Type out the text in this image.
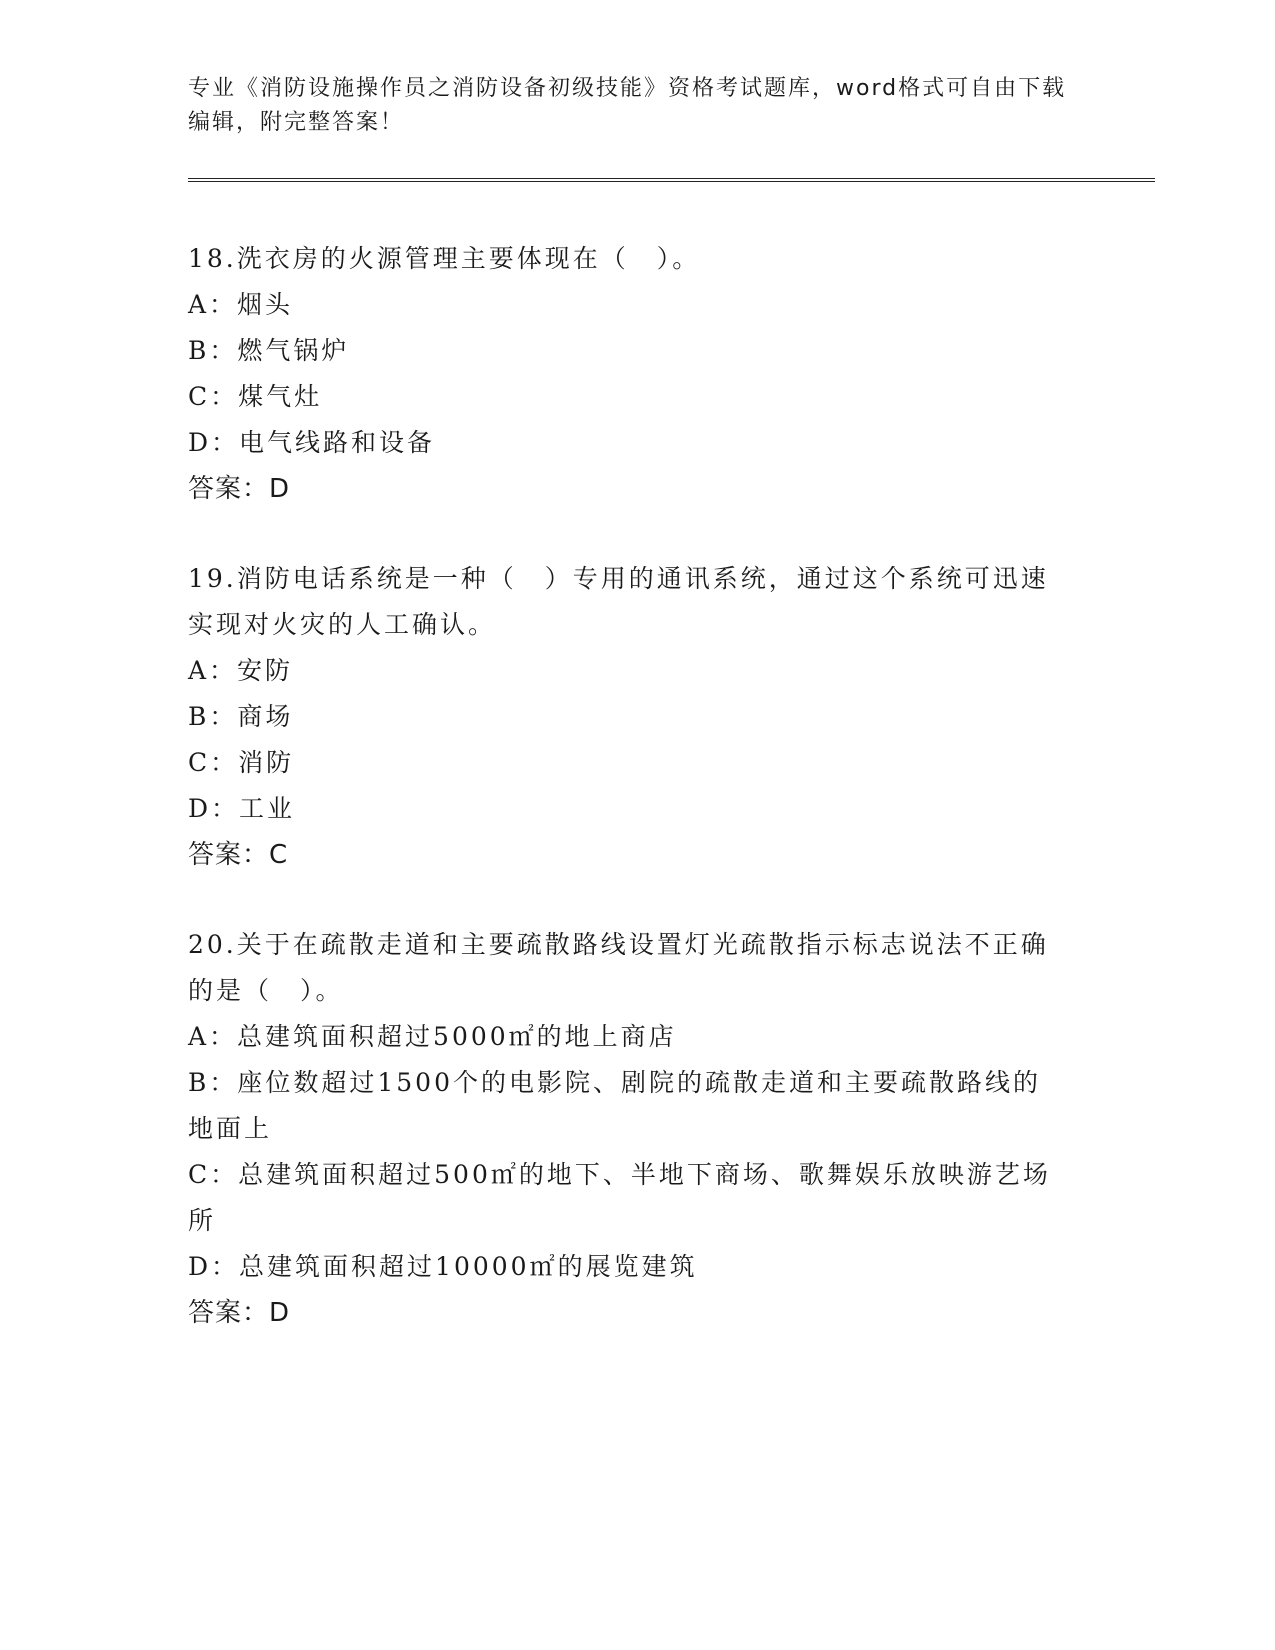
专业《消防设施操作员之消防设备初级技能》资格考试题库，word格式可自由下载编辑，附完整答案！
18.洗衣房的火源管理主要体现在（　）。
A：烟头
B：燃气锅炉
C：煤气灶
D：电气线路和设备
答案：D
19.消防电话系统是一种（　）专用的通讯系统，通过这个系统可迅速实现对火灾的人工确认。
A：安防
B：商场
C：消防
D：工业
答案：C
20.关于在疏散走道和主要疏散路线设置灯光疏散指示标志说法不正确的是（　）。
A：总建筑面积超过5000㎡的地上商店
B：座位数超过1500个的电影院、剧院的疏散走道和主要疏散路线的地面上
C：总建筑面积超过500㎡的地下、半地下商场、歌舞娱乐放映游艺场所
D：总建筑面积超过10000㎡的展览建筑
答案：D
